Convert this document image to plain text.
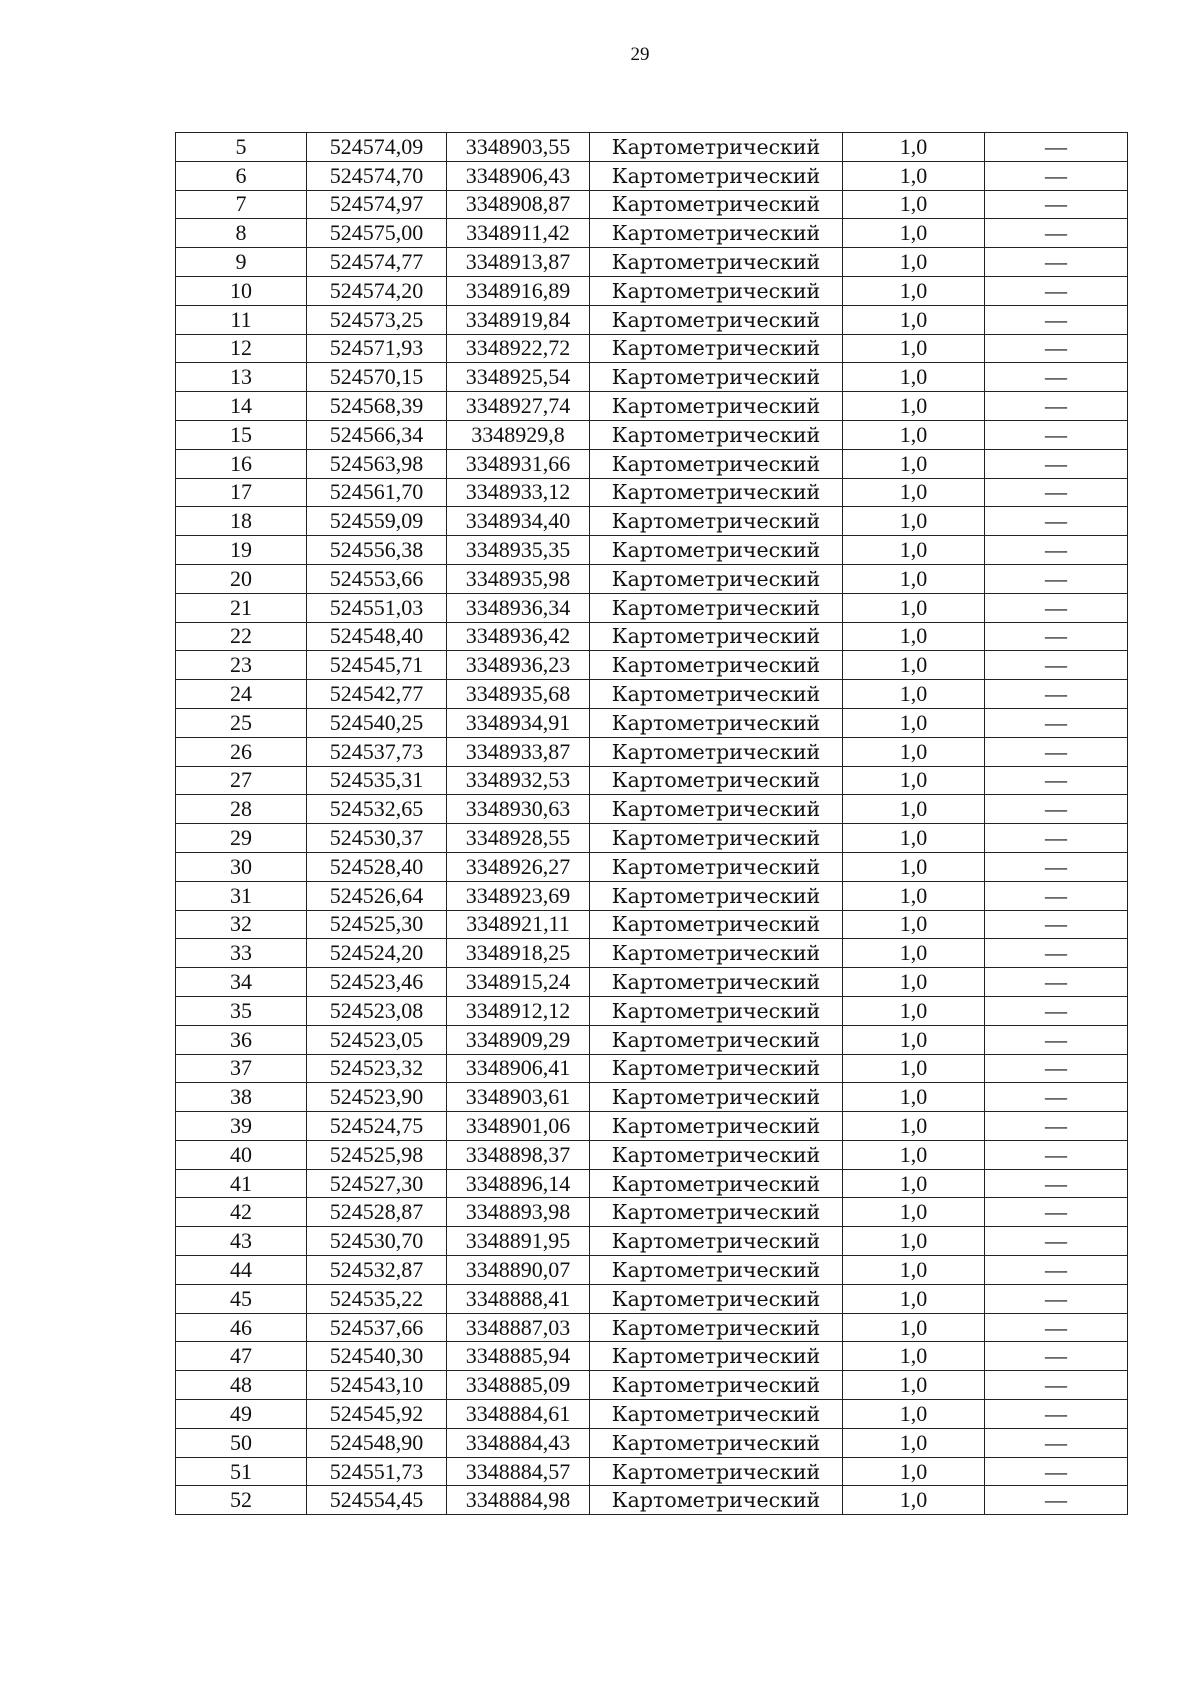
29
5	524574,09	3348903,55	Картометрический	1,0	—
6	524574,70	3348906,43	Картометрический	1,0	—
7	524574,97	3348908,87	Картометрический	1,0	—
8	524575,00	3348911,42	Картометрический	1,0	—
9	524574,77	3348913,87	Картометрический	1,0	—
10	524574,20	3348916,89	Картометрический	1,0	—
11	524573,25	3348919,84	Картометрический	1,0	—
12	524571,93	3348922,72	Картометрический	1,0	—
13	524570,15	3348925,54	Картометрический	1,0	—
14	524568,39	3348927,74	Картометрический	1,0	—
15	524566,34	3348929,8	Картометрический	1,0	—
16	524563,98	3348931,66	Картометрический	1,0	—
17	524561,70	3348933,12	Картометрический	1,0	—
18	524559,09	3348934,40	Картометрический	1,0	—
19	524556,38	3348935,35	Картометрический	1,0	—
20	524553,66	3348935,98	Картометрический	1,0	—
21	524551,03	3348936,34	Картометрический	1,0	—
22	524548,40	3348936,42	Картометрический	1,0	—
23	524545,71	3348936,23	Картометрический	1,0	—
24	524542,77	3348935,68	Картометрический	1,0	—
25	524540,25	3348934,91	Картометрический	1,0	—
26	524537,73	3348933,87	Картометрический	1,0	—
27	524535,31	3348932,53	Картометрический	1,0	—
28	524532,65	3348930,63	Картометрический	1,0	—
29	524530,37	3348928,55	Картометрический	1,0	—
30	524528,40	3348926,27	Картометрический	1,0	—
31	524526,64	3348923,69	Картометрический	1,0	—
32	524525,30	3348921,11	Картометрический	1,0	—
33	524524,20	3348918,25	Картометрический	1,0	—
34	524523,46	3348915,24	Картометрический	1,0	—
35	524523,08	3348912,12	Картометрический	1,0	—
36	524523,05	3348909,29	Картометрический	1,0	—
37	524523,32	3348906,41	Картометрический	1,0	—
38	524523,90	3348903,61	Картометрический	1,0	—
39	524524,75	3348901,06	Картометрический	1,0	—
40	524525,98	3348898,37	Картометрический	1,0	—
41	524527,30	3348896,14	Картометрический	1,0	—
42	524528,87	3348893,98	Картометрический	1,0	—
43	524530,70	3348891,95	Картометрический	1,0	—
44	524532,87	3348890,07	Картометрический	1,0	—
45	524535,22	3348888,41	Картометрический	1,0	—
46	524537,66	3348887,03	Картометрический	1,0	—
47	524540,30	3348885,94	Картометрический	1,0	—
48	524543,10	3348885,09	Картометрический	1,0	—
49	524545,92	3348884,61	Картометрический	1,0	—
50	524548,90	3348884,43	Картометрический	1,0	—
51	524551,73	3348884,57	Картометрический	1,0	—
52	524554,45	3348884,98	Картометрический	1,0	—
